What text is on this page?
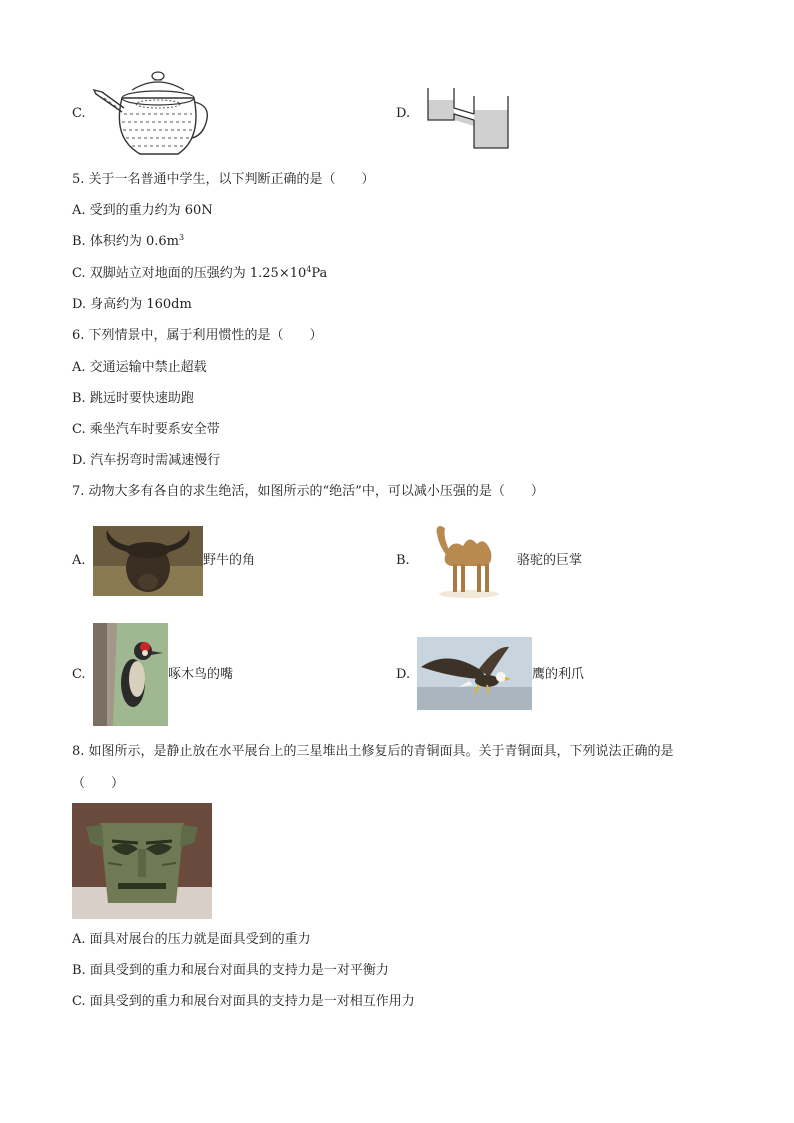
C.	D.
5. 关于一名普通中学生，以下判断正确的是（　　）
A. 受到的重力约为 60N
B. 体积约为 $0.6m^3$
C. 双脚站立对地面的压强约为 $1.25\times 10^4Pa$
D. 身高约为 160dm
6. 下列情景中，属于利用惯性的是（　　）
A. 交通运输中禁止超载
B. 跳远时要快速助跑
C. 乘坐汽车时要系安全带
D. 汽车拐弯时需减速慢行
7. 动物大多有各自的求生绝活，如图所示的“绝活”中，可以减小压强的是（　　）
A.	野牛的角	B.	骆驼的巨掌
C.	啄木鸟的嘴	D.	鹰的利爪
8. 如图所示，是静止放在水平展台上的三星堆出土修复后的青铜面具。关于青铜面具，下列说法正确的是
（　　）
A. 面具对展台的压力就是面具受到的重力
B. 面具受到的重力和展台对面具的支持力是一对平衡力
C. 面具受到的重力和展台对面具的支持力是一对相互作用力
